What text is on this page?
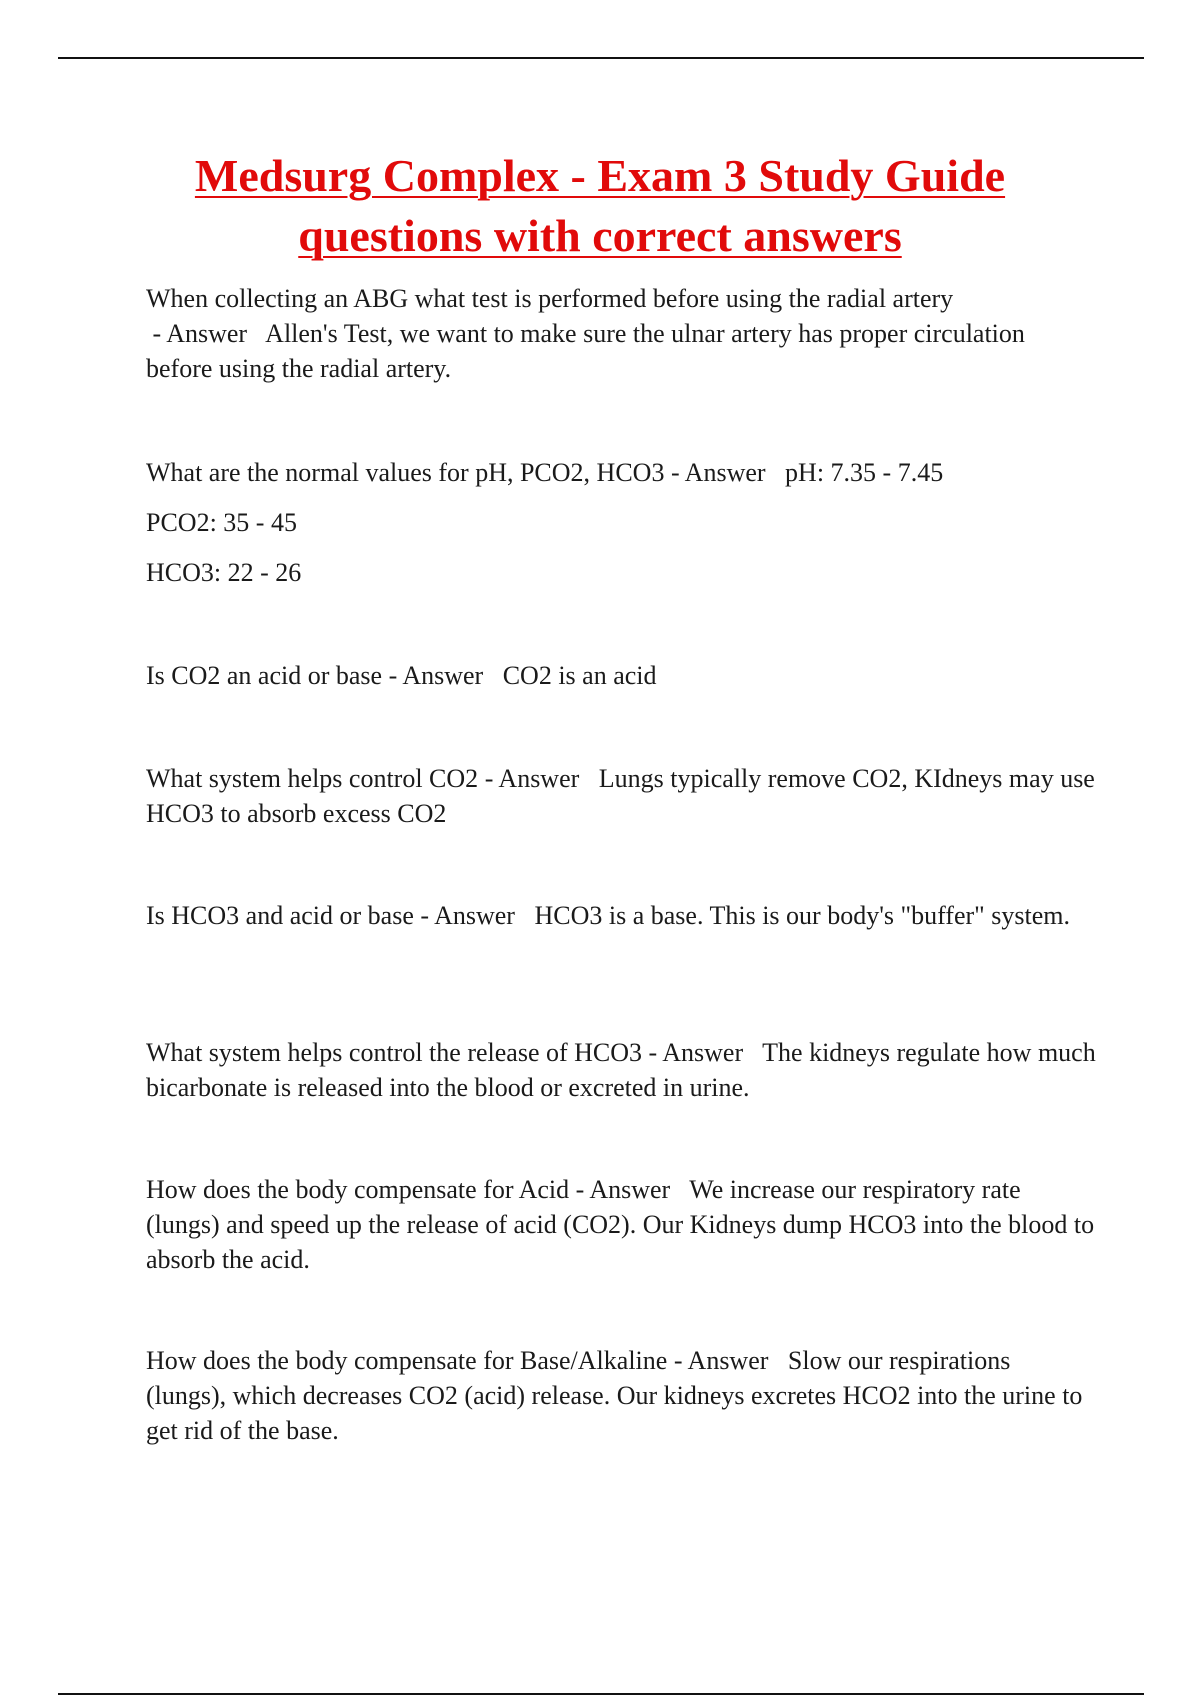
Medsurg Complex - Exam 3 Study Guide
questions with correct answers

When collecting an ABG what test is performed before using the radial artery - Answer   Allen's Test, we want to make sure the ulnar artery has proper circulation before using the radial artery.

What are the normal values for pH, PCO2, HCO3 - Answer   pH: 7.35 - 7.45

PCO2: 35 - 45

HCO3: 22 - 26

Is CO2 an acid or base - Answer   CO2 is an acid

What system helps control CO2 - Answer   Lungs typically remove CO2, KIdneys may use HCO3 to absorb excess CO2

Is HCO3 and acid or base - Answer   HCO3 is a base. This is our body's "buffer" system.

What system helps control the release of HCO3 - Answer   The kidneys regulate how much bicarbonate is released into the blood or excreted in urine.

How does the body compensate for Acid - Answer   We increase our respiratory rate (lungs) and speed up the release of acid (CO2). Our Kidneys dump HCO3 into the blood to absorb the acid.

How does the body compensate for Base/Alkaline - Answer   Slow our respirations (lungs), which decreases CO2 (acid) release. Our kidneys excretes HCO2 into the urine to get rid of the base.
